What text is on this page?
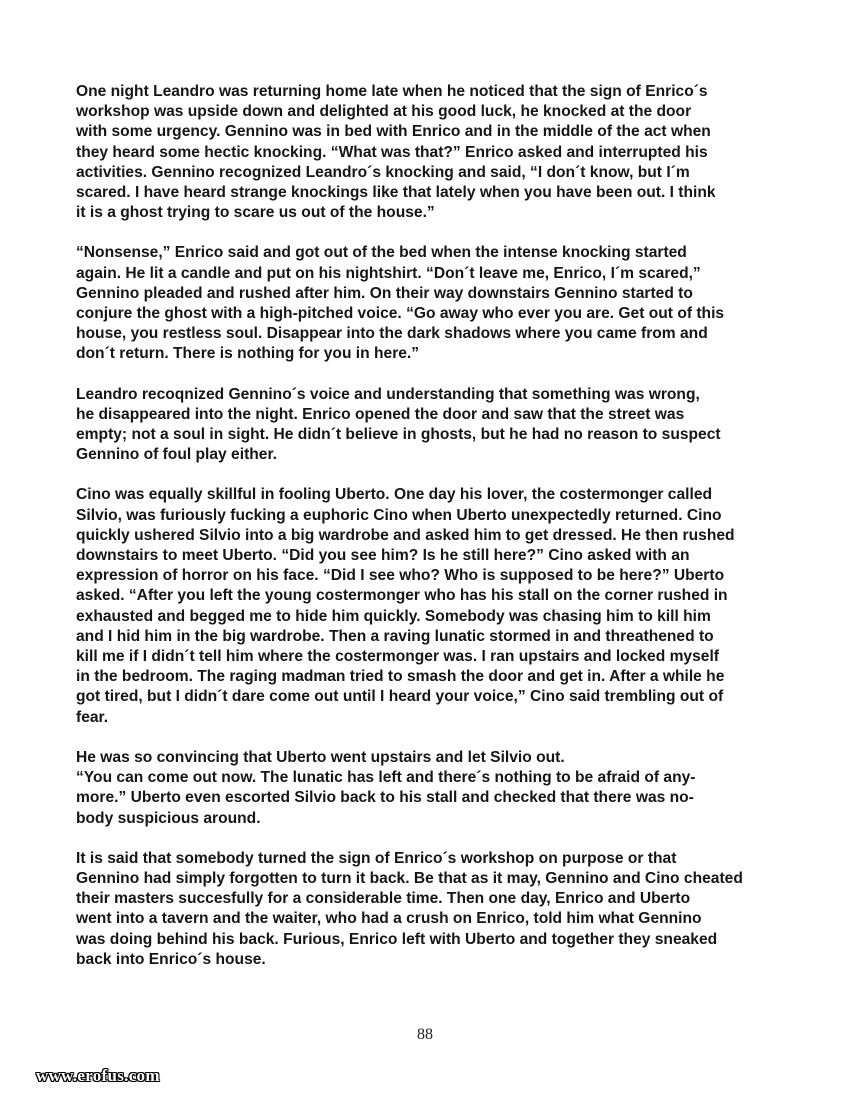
One night Leandro was returning home late when he noticed that the sign of Enrico´s
workshop was upside down and delighted at his good luck, he knocked at the door
with some urgency. Gennino was in bed with Enrico and in the middle of the act when
they heard some hectic knocking. “What was that?” Enrico asked and interrupted his
activities. Gennino recognized Leandro´s knocking and said, “I don´t know, but I´m
scared. I have heard strange knockings like that lately when you have been out. I think
it is a ghost trying to scare us out of the house.”

“Nonsense,” Enrico said and got out of the bed when the intense knocking started
again. He lit a candle and put on his nightshirt. “Don´t leave me, Enrico, I´m scared,”
Gennino pleaded and rushed after him. On their way downstairs Gennino started to
conjure the ghost with a high-pitched voice. “Go away who ever you are. Get out of this
house, you restless soul. Disappear into the dark shadows where you came from and
don´t return. There is nothing for you in here.”

Leandro recoqnized Gennino´s voice and understanding that something was wrong,
he disappeared into the night. Enrico opened the door and saw that the street was
empty; not a soul in sight. He didn´t believe in ghosts, but he had no reason to suspect
Gennino of foul play either.

Cino was equally skillful in fooling Uberto. One day his lover, the costermonger called
Silvio, was furiously fucking a euphoric Cino when Uberto unexpectedly returned. Cino
quickly ushered Silvio into a big wardrobe and asked him to get dressed. He then rushed
downstairs to meet Uberto. “Did you see him? Is he still here?” Cino asked with an
expression of horror on his face. “Did I see who? Who is supposed to be here?” Uberto
asked. “After you left the young costermonger who has his stall on the corner rushed in
exhausted and begged me to hide him quickly. Somebody was chasing him to kill him
and I hid him in the big wardrobe. Then a raving lunatic stormed in and threathened to
kill me if I didn´t tell him where the costermonger was. I ran upstairs and locked myself
in the bedroom. The raging madman tried to smash the door and get in. After a while he
got tired, but I didn´t dare come out until I heard your voice,” Cino said trembling out of
fear.

He was so convincing that Uberto went upstairs and let Silvio out.
“You can come out now. The lunatic has left and there´s nothing to be afraid of any-
more.” Uberto even escorted Silvio back to his stall and checked that there was no-
body suspicious around.

It is said that somebody turned the sign of Enrico´s workshop on purpose or that
Gennino had simply forgotten to turn it back. Be that as it may, Gennino and Cino cheated
their masters succesfully for a considerable time. Then one day, Enrico and Uberto
went into a tavern and the waiter, who had a crush on Enrico, told him what Gennino
was doing behind his back. Furious, Enrico left with Uberto and together they sneaked
back into Enrico´s house.

88
www.erofus.com
